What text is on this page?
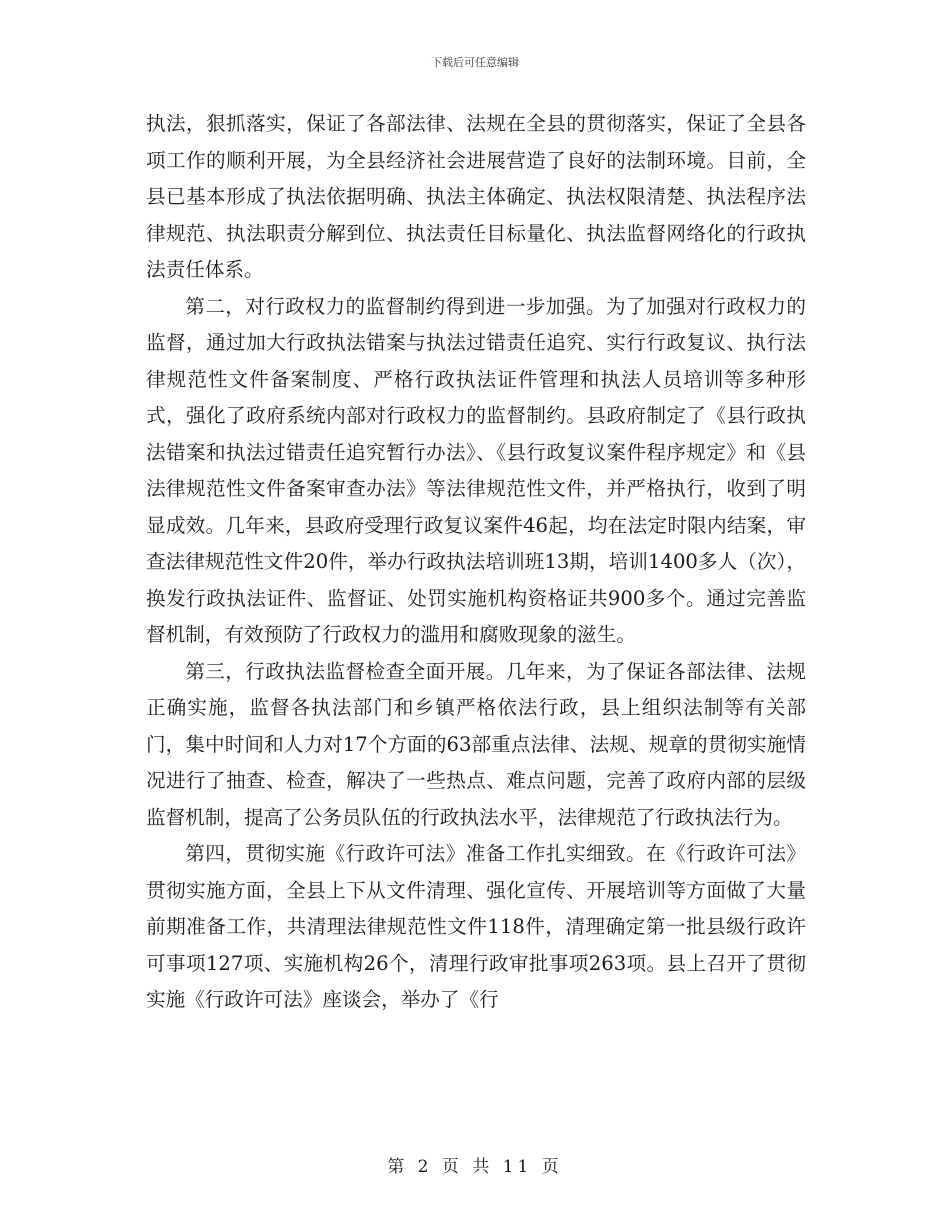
下载后可任意编辑

执法，狠抓落实，保证了各部法律、法规在全县的贯彻落实，保证了全县各项工作的顺利开展，为全县经济社会进展营造了良好的法制环境。目前，全县已基本形成了执法依据明确、执法主体确定、执法权限清楚、执法程序法律规范、执法职责分解到位、执法责任目标量化、执法监督网络化的行政执法责任体系。

第二，对行政权力的监督制约得到进一步加强。为了加强对行政权力的监督，通过加大行政执法错案与执法过错责任追究、实行行政复议、执行法律规范性文件备案制度、严格行政执法证件管理和执法人员培训等多种形式，强化了政府系统内部对行政权力的监督制约。县政府制定了《县行政执法错案和执法过错责任追究暂行办法》、《县行政复议案件程序规定》和《县法律规范性文件备案审查办法》等法律规范性文件，并严格执行，收到了明显成效。几年来，县政府受理行政复议案件46起，均在法定时限内结案，审查法律规范性文件20件，举办行政执法培训班13期，培训1400多人（次），换发行政执法证件、监督证、处罚实施机构资格证共900多个。通过完善监督机制，有效预防了行政权力的滥用和腐败现象的滋生。

第三，行政执法监督检查全面开展。几年来，为了保证各部法律、法规正确实施，监督各执法部门和乡镇严格依法行政，县上组织法制等有关部门，集中时间和人力对17个方面的63部重点法律、法规、规章的贯彻实施情况进行了抽查、检查，解决了一些热点、难点问题，完善了政府内部的层级监督机制，提高了公务员队伍的行政执法水平，法律规范了行政执法行为。

第四，贯彻实施《行政许可法》准备工作扎实细致。在《行政许可法》贯彻实施方面，全县上下从文件清理、强化宣传、开展培训等方面做了大量前期准备工作，共清理法律规范性文件118件，清理确定第一批县级行政许可事项127项、实施机构26个，清理行政审批事项263项。县上召开了贯彻实施《行政许可法》座谈会，举办了《行

第 2 页 共 11 页
